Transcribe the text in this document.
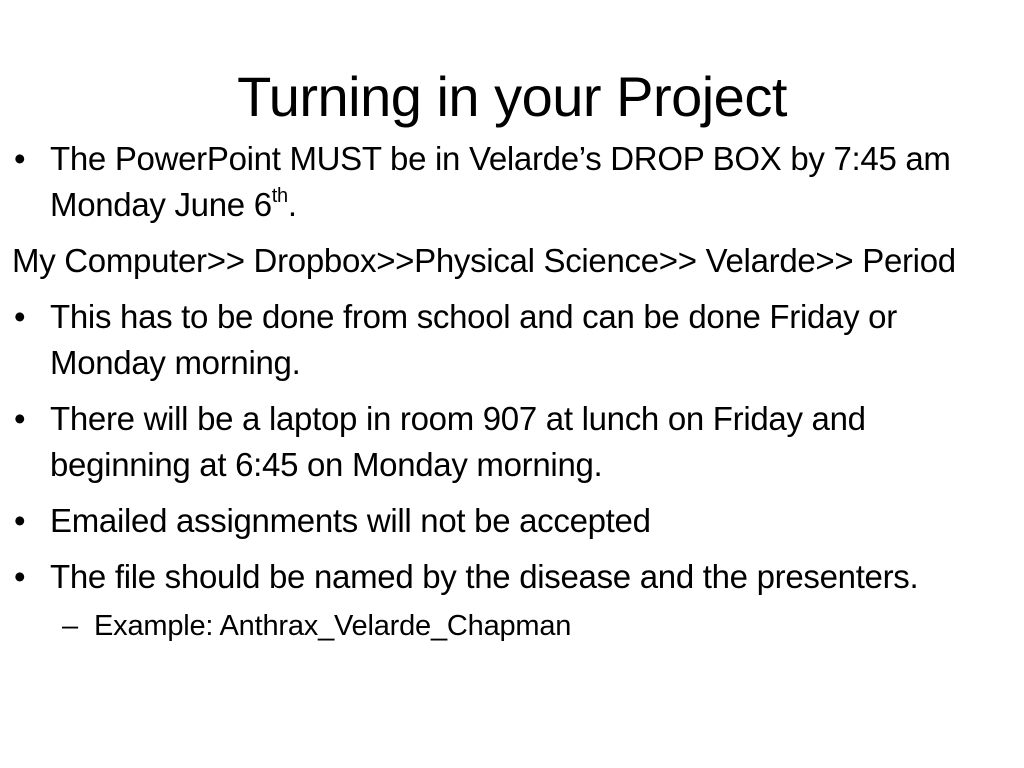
Turning in your Project
• The PowerPoint MUST be in Velarde’s DROP BOX by 7:45 am Monday June 6th.
My Computer>> Dropbox>>Physical Science>> Velarde>> Period
• This has to be done from school and can be done Friday or Monday morning.
• There will be a laptop in room 907 at lunch on Friday and beginning at 6:45 on Monday morning.
• Emailed assignments will not be accepted
• The file should be named by the disease and the presenters.
– Example: Anthrax_Velarde_Chapman
